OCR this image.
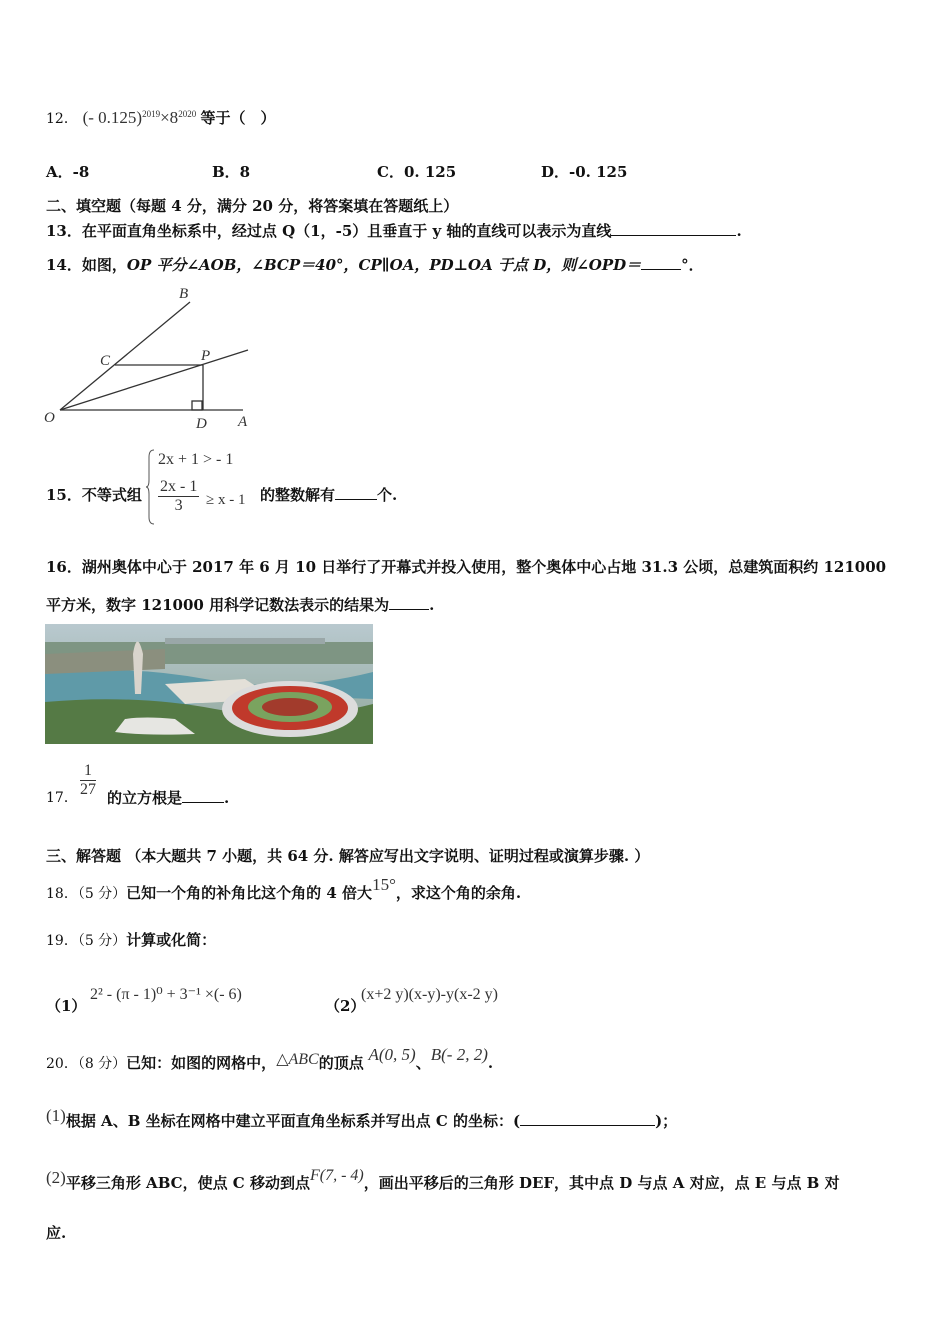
12． (- $0.125)^{2019}\times 8^{2020}$ 等于（　）
A．-8	B．8	C．0. 125	D．-0. 125
二、填空题（每题 4 分，满分 20 分，将答案填在答题纸上）
13．在平面直角坐标系中，经过点 Q（1，-5）且垂直于 y 轴的直线可以表示为直线	.
14．如图，OP 平分∠AOB，∠BCP＝40°，CP∥OA，PD⊥OA 于点 D，则∠OPD＝	°．
B
C	P
O	D A
15．不等式组
2x + 1 > - 1
$\frac{2x - 1}{3} \ge x - 1$ 的整数解有	个.
16．湖州奥体中心于 2017 年 6 月 10 日举行了开幕式并投入使用，整个奥体中心占地 31.3 公顷，总建筑面积约 121000
平方米，数字 121000 用科学记数法表示的结果为	.
17． $\frac{1}{27}$ 的立方根是	.
三、解答题 （本大题共 7 小题，共 64 分. 解答应写出文字说明、证明过程或演算步骤. ）
18．（5 分）已知一个角的补角比这个角的 4 倍大15°，求这个角的余角.
19．（5 分）计算或化简：
（1）
2² - (π - 1)⁰ + 3⁻¹ ×(- 6)
（2）
(x+2 y)(x-y)-y(x-2 y)
20．（8 分）已知：如图的网格中，△ABC的顶点 A(0, 5)、B(- 2, 2).
(1)根据 A、B 坐标在网格中建立平面直角坐标系并写出点 C 的坐标：(	)；
(2)平移三角形 ABC，使点 C 移动到点F(7, - 4)，画出平移后的三角形 DEF，其中点 D 与点 A 对应，点 E 与点 B 对
应.
